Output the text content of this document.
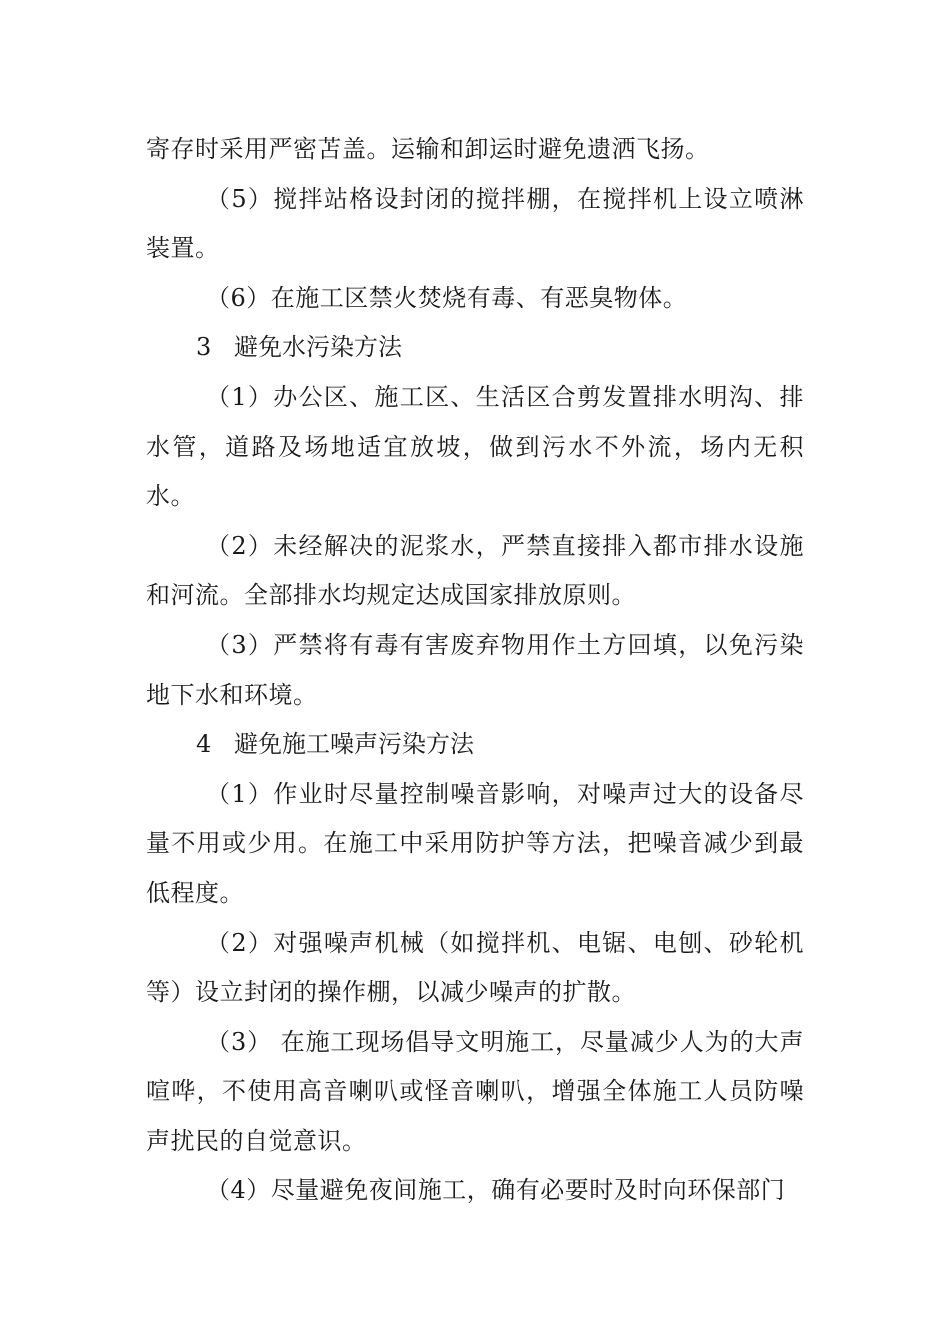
寄存时采用严密苫盖。运输和卸运时避免遗洒飞扬。

（5）搅拌站格设封闭的搅拌棚，在搅拌机上设立喷淋装置。

（6）在施工区禁火焚烧有毒、有恶臭物体。

3 避免水污染方法

（1）办公区、施工区、生活区合剪发置排水明沟、排水管，道路及场地适宜放坡，做到污水不外流，场内无积水。

（2）未经解决的泥浆水，严禁直接排入都市排水设施和河流。全部排水均规定达成国家排放原则。

（3）严禁将有毒有害废弃物用作土方回填，以免污染地下水和环境。

4 避免施工噪声污染方法

（1）作业时尽量控制噪音影响，对噪声过大的设备尽量不用或少用。在施工中采用防护等方法，把噪音减少到最低程度。

（2）对强噪声机械（如搅拌机、电锯、电刨、砂轮机等）设立封闭的操作棚，以减少噪声的扩散。

（3） 在施工现场倡导文明施工，尽量减少人为的大声喧哗，不使用高音喇叭或怪音喇叭，增强全体施工人员防噪声扰民的自觉意识。

（4）尽量避免夜间施工，确有必要时及时向环保部门
